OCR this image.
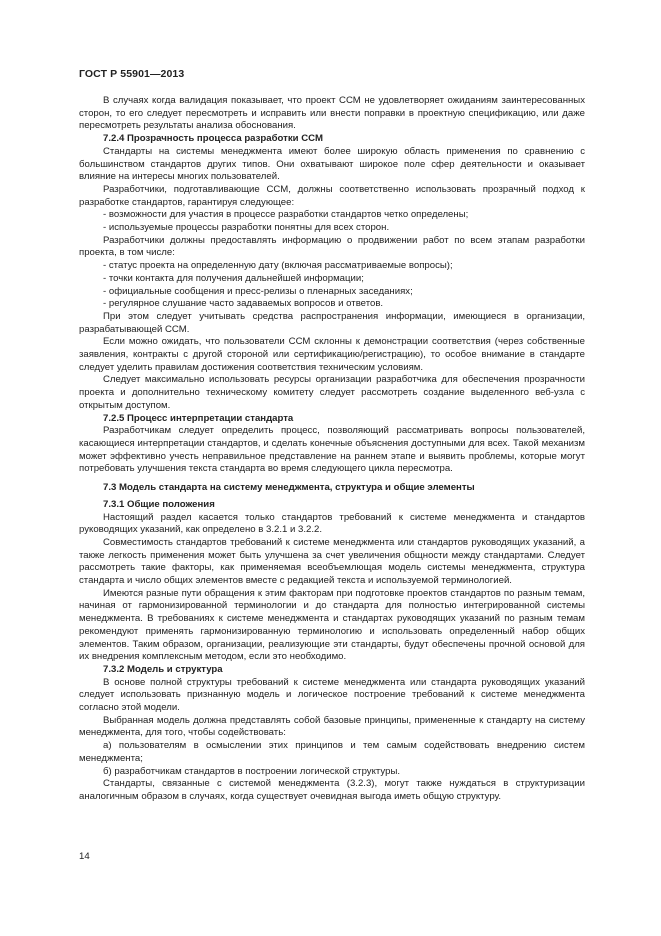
ГОСТ Р 55901—2013

В случаях когда валидация показывает, что проект ССМ не удовлетворяет ожиданиям заинтересованных сторон, то его следует пересмотреть и исправить или внести поправки в проектную спецификацию, или даже пересмотреть результаты анализа обоснования.

7.2.4 Прозрачность процесса разработки ССМ

Стандарты на системы менеджмента имеют более широкую область применения по сравнению с большинством стандартов других типов. Они охватывают широкое поле сфер деятельности и оказывает влияние на интересы многих пользователей.

Разработчики, подготавливающие ССМ, должны соответственно использовать прозрачный подход к разработке стандартов, гарантируя следующее:

- возможности для участия в процессе разработки стандартов четко определены;

- используемые процессы разработки понятны для всех сторон.

Разработчики должны предоставлять информацию о продвижении работ по всем этапам разработки проекта, в том числе:

- статус проекта на определенную дату (включая рассматриваемые вопросы);

- точки контакта для получения дальнейшей информации;

- официальные сообщения и пресс-релизы о пленарных заседаниях;

- регулярное слушание часто задаваемых вопросов и ответов.

При этом следует учитывать средства распространения информации, имеющиеся в организации, разрабатывающей ССМ.

Если можно ожидать, что пользователи ССМ склонны к демонстрации соответствия (через собственные заявления, контракты с другой стороной или сертификацию/регистрацию), то особое внимание в стандарте следует уделить правилам достижения соответствия техническим условиям.

Следует максимально использовать ресурсы организации разработчика для обеспечения прозрачности проекта и дополнительно техническому комитету следует рассмотреть создание выделенного веб-узла с открытым доступом.

7.2.5 Процесс интерпретации стандарта

Разработчикам следует определить процесс, позволяющий рассматривать вопросы пользователей, касающиеся интерпретации стандартов, и сделать конечные объяснения доступными для всех. Такой механизм может эффективно учесть неправильное представление на раннем этапе и выявить проблемы, которые могут потребовать улучшения текста стандарта во время следующего цикла пересмотра.

7.3 Модель стандарта на систему менеджмента, структура и общие элементы

7.3.1 Общие положения

Настоящий раздел касается только стандартов требований к системе менеджмента и стандартов руководящих указаний, как определено в 3.2.1 и 3.2.2.

Совместимость стандартов требований к системе менеджмента или стандартов руководящих указаний, а также легкость применения может быть улучшена за счет увеличения общности между стандартами. Следует рассмотреть такие факторы, как применяемая всеобъемлющая модель системы менеджмента, структура стандарта и число общих элементов вместе с редакцией текста и используемой терминологией.

Имеются разные пути обращения к этим факторам при подготовке проектов стандартов по разным темам, начиная от гармонизированной терминологии и до стандарта для полностью интегрированной системы менеджмента. В требованиях к системе менеджмента и стандартах руководящих указаний по разным темам рекомендуют применять гармонизированную терминологию и использовать определенный набор общих элементов. Таким образом, организации, реализующие эти стандарты, будут обеспечены прочной основой для их внедрения комплексным методом, если это необходимо.

7.3.2 Модель и структура

В основе полной структуры требований к системе менеджмента или стандарта руководящих указаний следует использовать признанную модель и логическое построение требований к системе менеджмента согласно этой модели.

Выбранная модель должна представлять собой базовые принципы, примененные к стандарту на систему менеджмента, для того, чтобы содействовать:

а) пользователям в осмыслении этих принципов и тем самым содействовать внедрению систем менеджмента;

б) разработчикам стандартов в построении логической структуры.

Стандарты, связанные с системой менеджмента (3.2.3), могут также нуждаться в структуризации аналогичным образом в случаях, когда существует очевидная выгода иметь общую структуру.

14
